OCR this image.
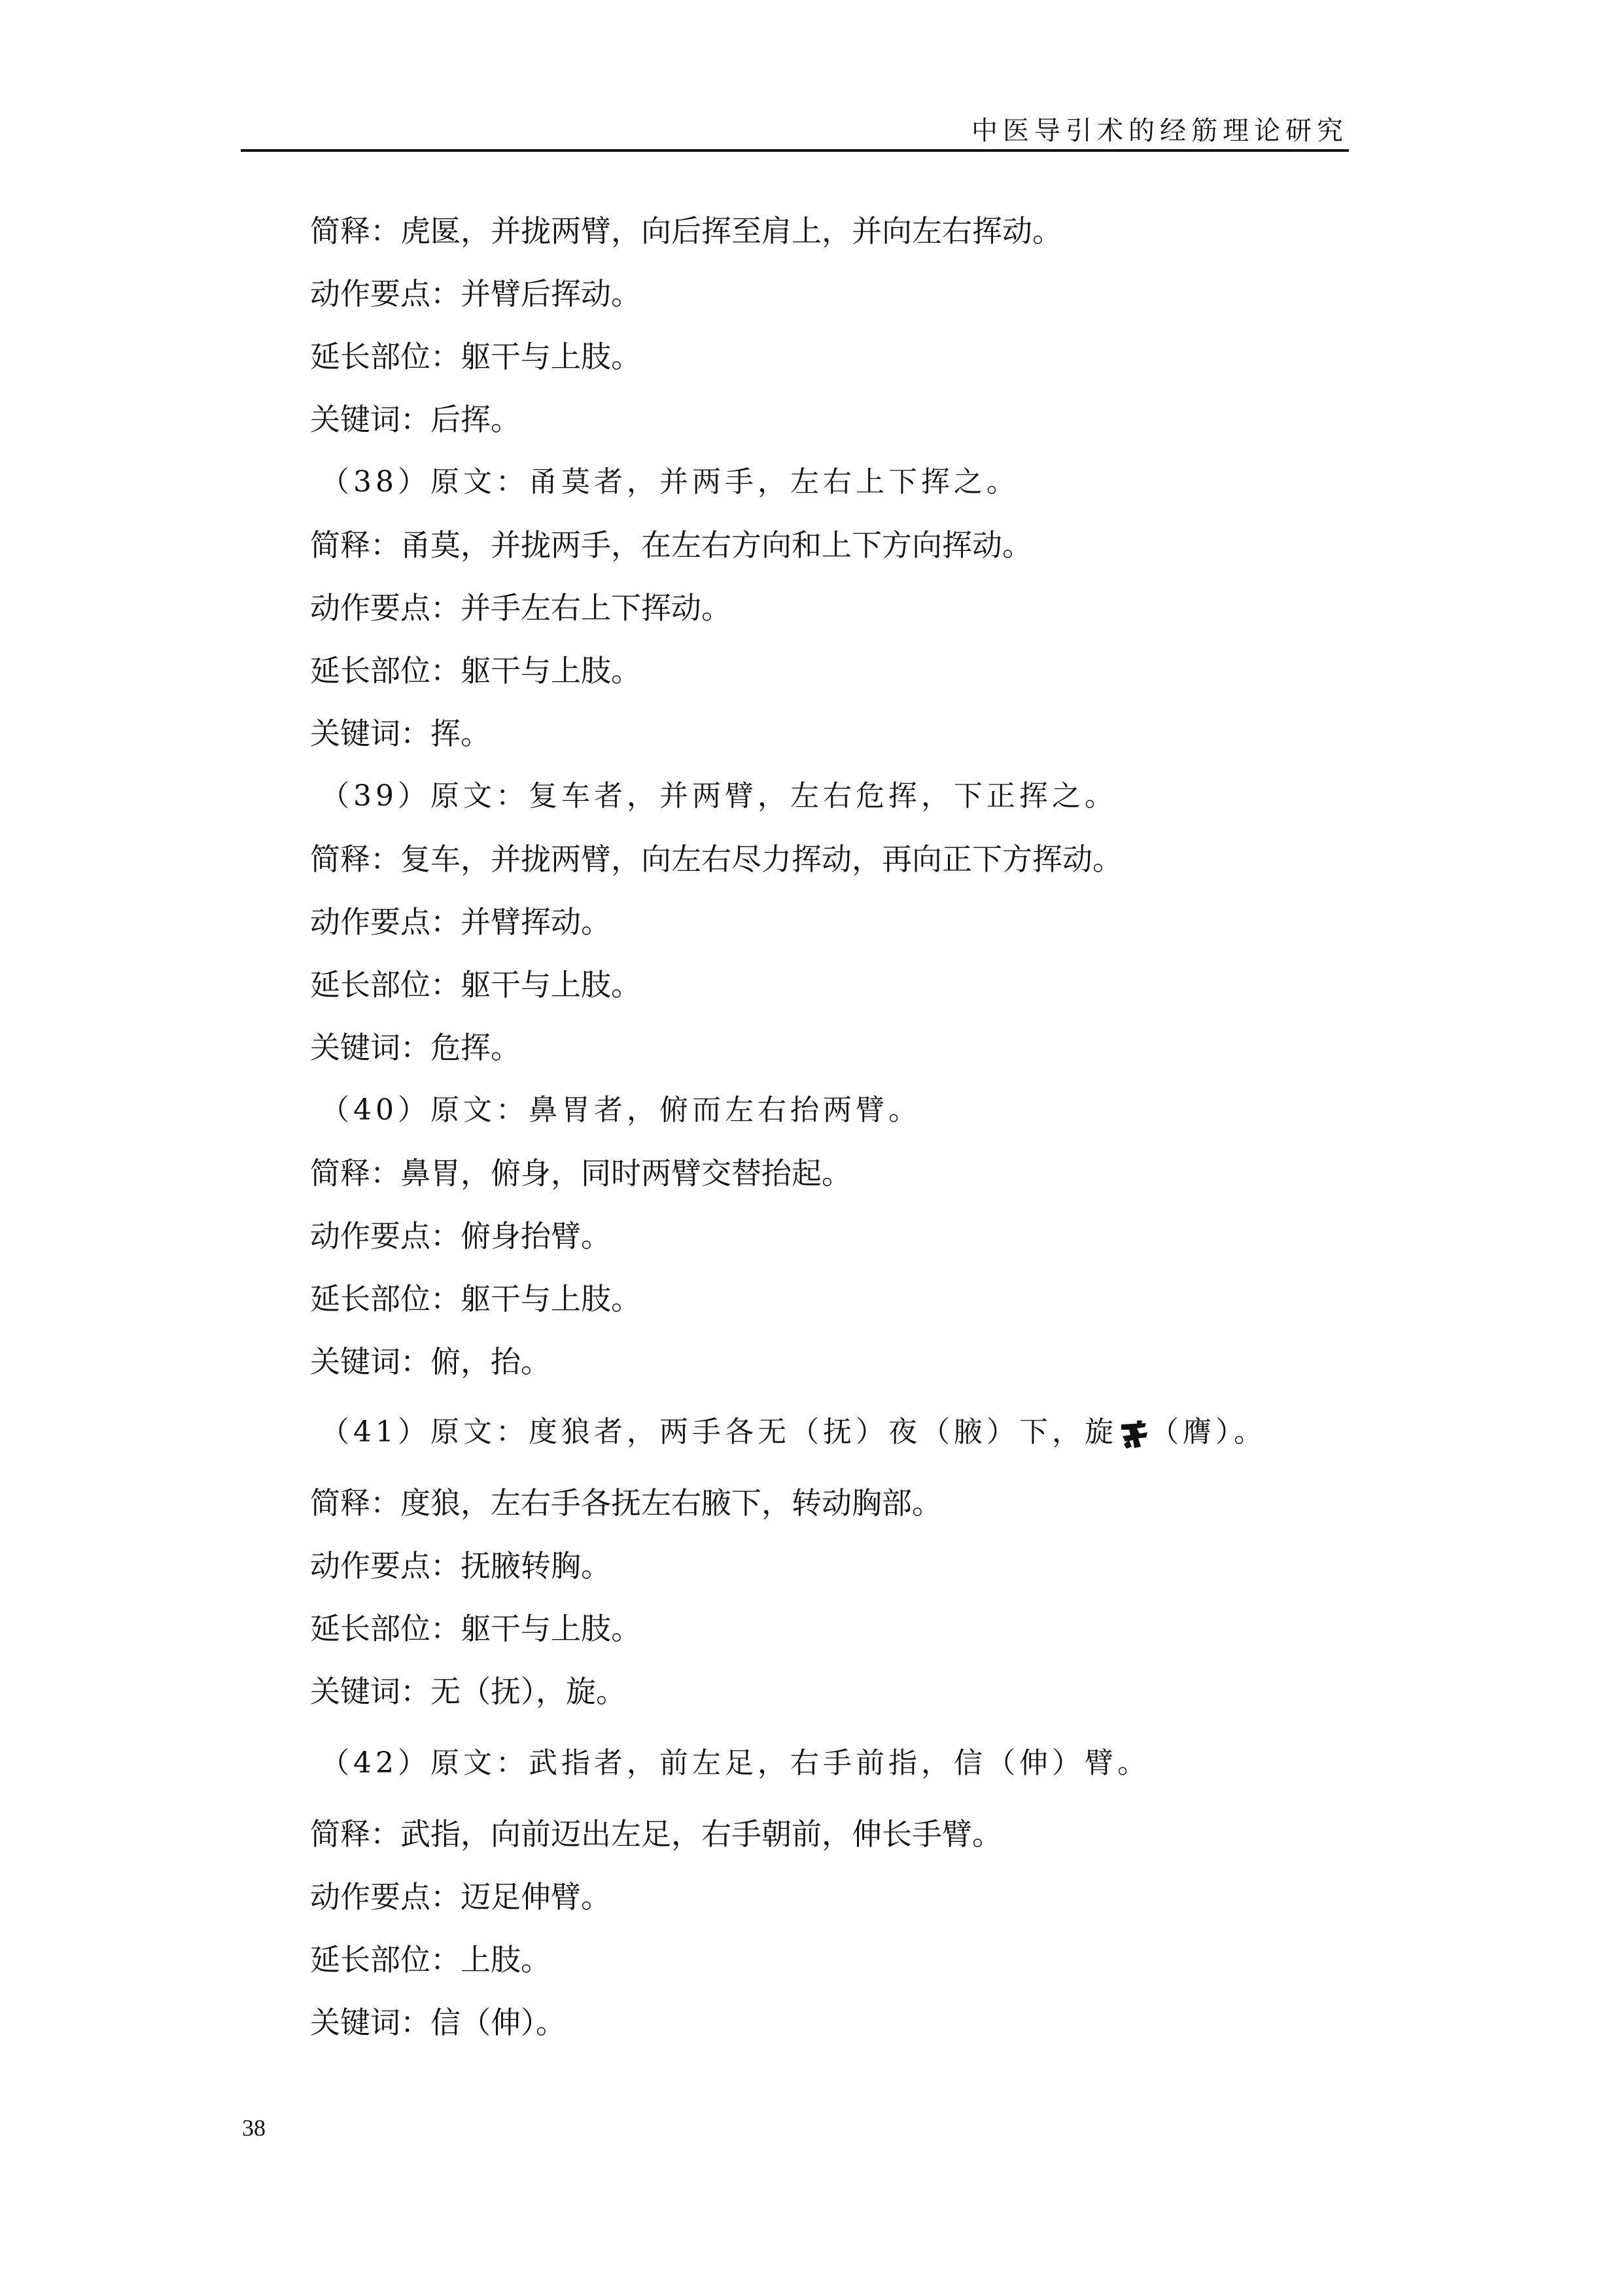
中医导引术的经筋理论研究
简释：虎匽，并拢两臂，向后挥至肩上，并向左右挥动。
动作要点：并臂后挥动。
延长部位：躯干与上肢。
关键词：后挥。
（38）原文：甬莫者，并两手，左右上下挥之。
简释：甬莫，并拢两手，在左右方向和上下方向挥动。
动作要点：并手左右上下挥动。
延长部位：躯干与上肢。
关键词：挥。
（39）原文：复车者，并两臂，左右危挥，下正挥之。
简释：复车，并拢两臂，向左右尽力挥动，再向正下方挥动。
动作要点：并臂挥动。
延长部位：躯干与上肢。
关键词：危挥。
（40）原文：鼻胃者，俯而左右抬两臂。
简释：鼻胃，俯身，同时两臂交替抬起。
动作要点：俯身抬臂。
延长部位：躯干与上肢。
关键词：俯，抬。
（41）原文：度狼者，两手各无（抚）夜（腋）下，旋 （膺）。
简释：度狼，左右手各抚左右腋下，转动胸部。
动作要点：抚腋转胸。
延长部位：躯干与上肢。
关键词：无（抚），旋。
（42）原文：武指者，前左足，右手前指，信（伸）臂。
简释：武指，向前迈出左足，右手朝前，伸长手臂。
动作要点：迈足伸臂。
延长部位：上肢。
关键词：信（伸）。
38
